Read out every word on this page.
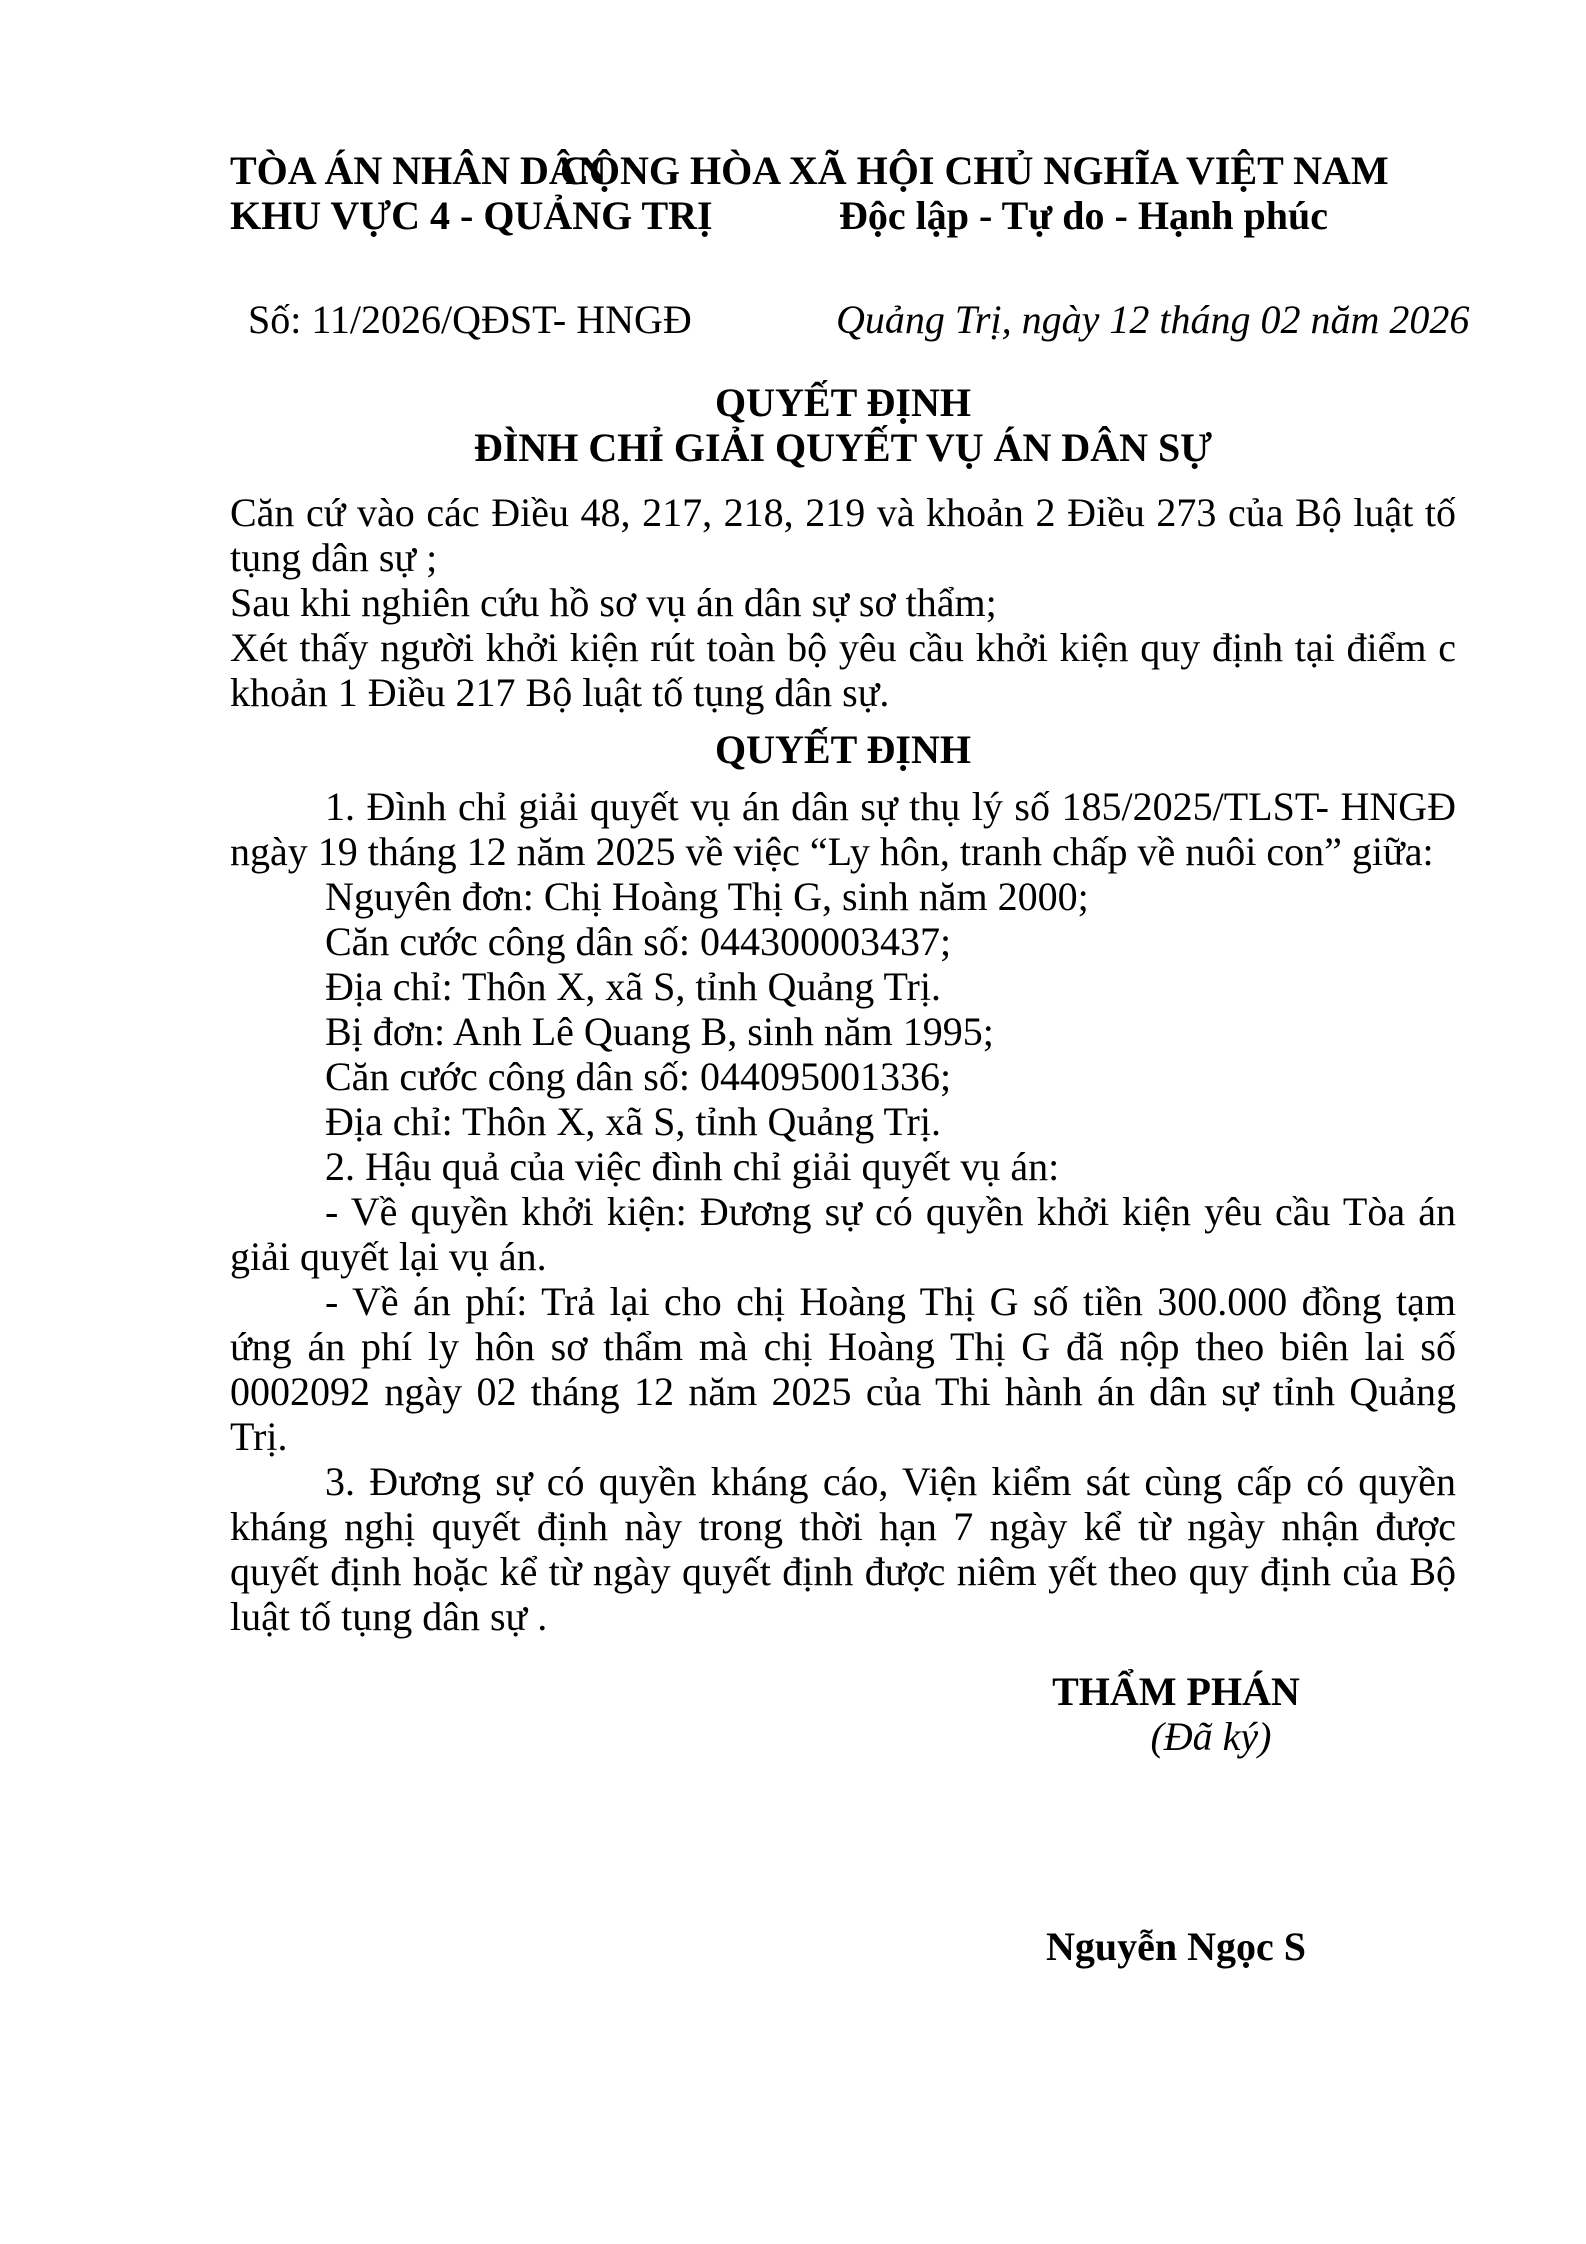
TÒA ÁN NHÂN DÂN
CỘNG HÒA XÃ HỘI CHỦ NGHĨA VIỆT NAM
KHU VỰC 4 - QUẢNG TRỊ	Độc lập - Tự do - Hạnh phúc
Số: 11/2026/QĐST- HNGĐ	Quảng Trị, ngày 12 tháng 02 năm 2026
QUYẾT ĐỊNH
ĐÌNH CHỈ GIẢI QUYẾT VỤ ÁN DÂN SỰ

Căn cứ vào các Điều 48, 217, 218, 219 và khoản 2 Điều 273 của Bộ luật tố tụng dân sự ;

Sau khi nghiên cứu hồ sơ vụ án dân sự sơ thẩm;

Xét thấy người khởi kiện rút toàn bộ yêu cầu khởi kiện quy định tại điểm c khoản 1 Điều 217 Bộ luật tố tụng dân sự.

QUYẾT ĐỊNH

1. Đình chỉ giải quyết vụ án dân sự thụ lý số 185/2025/TLST- HNGĐ ngày 19 tháng 12 năm 2025 về việc “Ly hôn, tranh chấp về nuôi con” giữa:

Nguyên đơn: Chị Hoàng Thị G, sinh năm 2000;

Căn cước công dân số: 044300003437;

Địa chỉ: Thôn X, xã S, tỉnh Quảng Trị.

Bị đơn: Anh Lê Quang B, sinh năm 1995;

Căn cước công dân số: 044095001336;

Địa chỉ: Thôn X, xã S, tỉnh Quảng Trị.

2. Hậu quả của việc đình chỉ giải quyết vụ án:

- Về quyền khởi kiện: Đương sự có quyền khởi kiện yêu cầu Tòa án giải quyết lại vụ án.

- Về án phí: Trả lại cho chị Hoàng Thị G số tiền 300.000 đồng tạm ứng án phí ly hôn sơ thẩm mà chị Hoàng Thị G đã nộp theo biên lai số 0002092 ngày 02 tháng 12 năm 2025 của Thi hành án dân sự tỉnh Quảng Trị.

3. Đương sự có quyền kháng cáo, Viện kiểm sát cùng cấp có quyền kháng nghị quyết định này trong thời hạn 7 ngày kể từ ngày nhận được quyết định hoặc kể từ ngày quyết định được niêm yết theo quy định của Bộ luật tố tụng dân sự .

THẨM PHÁN
(Đã ký)
Nguyễn Ngọc S
